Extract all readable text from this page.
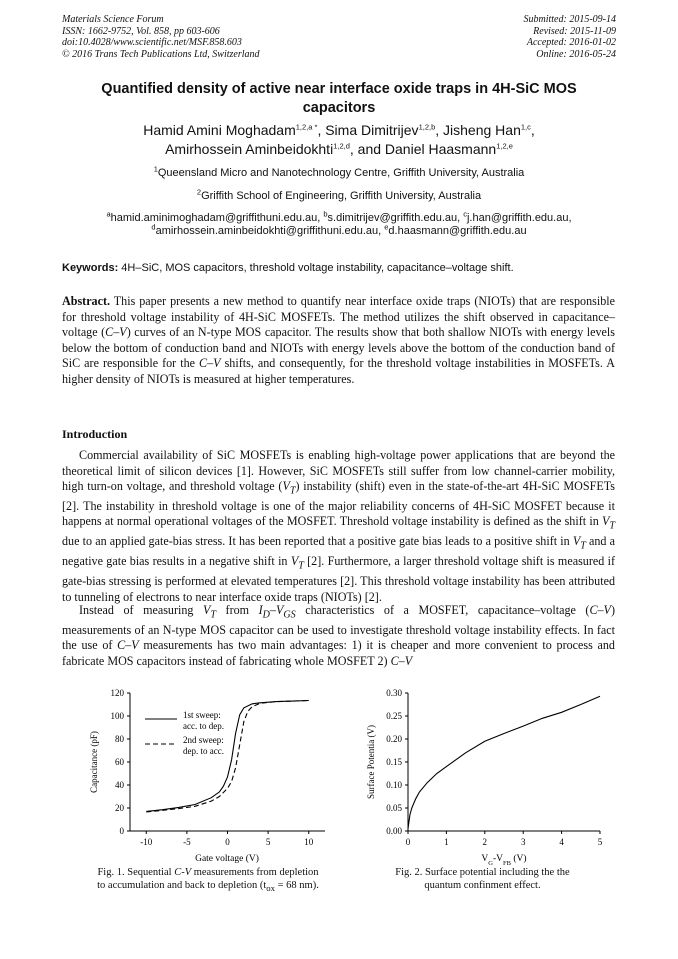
Materials Science Forum
ISSN: 1662-9752, Vol. 858, pp 603-606
doi:10.4028/www.scientific.net/MSF.858.603
© 2016 Trans Tech Publications Ltd, Switzerland
Submitted: 2015-09-14
Revised: 2015-11-09
Accepted: 2016-01-02
Online: 2016-05-24
Quantified density of active near interface oxide traps in 4H-SiC MOS
capacitors
Hamid Amini Moghadam$^{1,2,a *}$, Sima Dimitrijev$^{1,2,b}$, Jisheng Han$^{1,c}$,
Amirhossein Aminbeidokhti$^{1,2,d}$, and Daniel Haasmann$^{1,2,e}$
$^1$Queensland Micro and Nanotechnology Centre, Griffith University, Australia
$^2$Griffith School of Engineering, Griffith University, Australia
$^a$hamid.aminimoghadam@griffithuni.edu.au, $^b$s.dimitrijev@griffith.edu.au, $^c$j.han@griffith.edu.au,
$^d$amirhossein.aminbeidokhti@griffithuni.edu.au, $^e$d.haasmann@griffith.edu.au
Keywords: 4H–SiC, MOS capacitors, threshold voltage instability, capacitance–voltage shift.
Abstract. This paper presents a new method to quantify near interface oxide traps (NIOTs) that are responsible for threshold voltage instability of 4H-SiC MOSFETs. The method utilizes the shift observed in capacitance–voltage (C–V) curves of an N-type MOS capacitor. The results show that both shallow NIOTs with energy levels below the bottom of conduction band and NIOTs with energy levels above the bottom of the conduction band of SiC are responsible for the C–V shifts, and consequently, for the threshold voltage instabilities in MOSFETs. A higher density of NIOTs is measured at higher temperatures.
Introduction
Commercial availability of SiC MOSFETs is enabling high-voltage power applications that are beyond the theoretical limit of silicon devices [1]. However, SiC MOSFETs still suffer from low channel-carrier mobility, high turn-on voltage, and threshold voltage $(V_T)$ instability (shift) even in the state-of-the-art 4H-SiC MOSFETs [2]. The instability in threshold voltage is one of the major reliability concerns of 4H-SiC MOSFET because it happens at normal operational voltages of the MOSFET. Threshold voltage instability is defined as the shift in $V_T$ due to an applied gate-bias stress. It has been reported that a positive gate bias leads to a positive shift in $V_T$ and a negative gate bias results in a negative shift in $V_T$ [2]. Furthermore, a larger threshold voltage shift is measured if gate-bias stressing is performed at elevated temperatures [2]. This threshold voltage instability has been attributed to tunneling of electrons to near interface oxide traps (NIOTs) [2].
Instead of measuring $V_T$ from $I_D-V_{GS}$ characteristics of a MOSFET, capacitance–voltage (C–V) measurements of an N-type MOS capacitor can be used to investigate threshold voltage instability effects. In fact the use of C–V measurements has two main advantages: 1) it is cheaper and more convenient to process and fabricate MOS capacitors instead of fabricating whole MOSFET 2) C–V
0
20
40
60
80
100
120
-10	-5	0	5	10
Capacitance (pF)
Gate voltage (V)
1st sweep:
acc. to dep.
2nd sweep:
dep. to acc.
Fig. 1. Sequential C-V measurements from depletion
to accumulation and back to depletion ($t_{ox} = 68$ nm).
0.00
0.05
0.10
0.15
0.20
0.25
0.30
0	1	2	3	4	5
Surface Potentia (V)
$V_G-V_{FB}$ (V)
Fig. 2. Surface potential including the the
quantum confinment effect.
